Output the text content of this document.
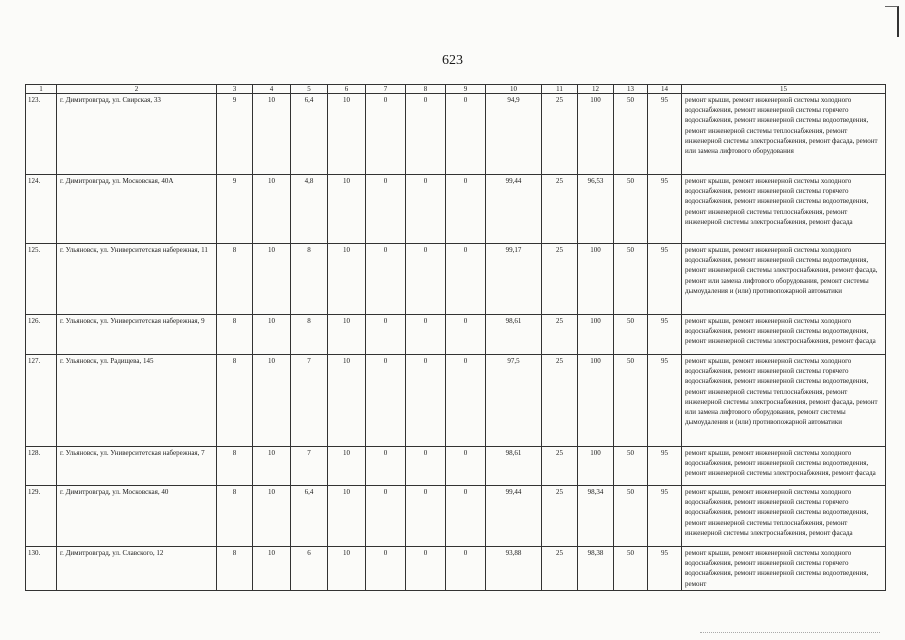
623
1	2	3	4	5	6	7	8	9	10	11	12	13	14	15
123.	г. Димитровград, ул. Свирская, 33	9	10	6,4	10	0	0	0	94,9	25	100	50	95	ремонт крыши, ремонт инженерной системы холодного водоснабжения, ремонт инженерной системы горячего водоснабжения, ремонт инженерной системы водоотведения, ремонт инженерной системы теплоснабжения, ремонт инженерной системы электроснабжения, ремонт фасада, ремонт или замена лифтового оборудования
124.	г. Димитровград, ул. Московская, 40А	9	10	4,8	10	0	0	0	99,44	25	96,53	50	95	ремонт крыши, ремонт инженерной системы холодного водоснабжения, ремонт инженерной системы горячего водоснабжения, ремонт инженерной системы водоотведения, ремонт инженерной системы теплоснабжения, ремонт инженерной системы электроснабжения, ремонт фасада
125.	г. Ульяновск, ул. Университетская набережная, 11	8	10	8	10	0	0	0	99,17	25	100	50	95	ремонт крыши, ремонт инженерной системы холодного водоснабжения, ремонт инженерной системы водоотведения, ремонт инженерной системы электроснабжения, ремонт фасада, ремонт или замена лифтового оборудования, ремонт системы дымоудаления и (или) противопожарной автоматики
126.	г. Ульяновск, ул. Университетская набережная, 9	8	10	8	10	0	0	0	98,61	25	100	50	95	ремонт крыши, ремонт инженерной системы холодного водоснабжения, ремонт инженерной системы водоотведения, ремонт инженерной системы электроснабжения, ремонт фасада
127.	г. Ульяновск, ул. Радищева, 145	8	10	7	10	0	0	0	97,5	25	100	50	95	ремонт крыши, ремонт инженерной системы холодного водоснабжения, ремонт инженерной системы горячего водоснабжения, ремонт инженерной системы водоотведения, ремонт инженерной системы теплоснабжения, ремонт инженерной системы электроснабжения, ремонт фасада, ремонт или замена лифтового оборудования, ремонт системы дымоудаления и (или) противопожарной автоматики
128.	г. Ульяновск, ул. Университетская набережная, 7	8	10	7	10	0	0	0	98,61	25	100	50	95	ремонт крыши, ремонт инженерной системы холодного водоснабжения, ремонт инженерной системы водоотведения, ремонт инженерной системы электроснабжения, ремонт фасада
129.	г. Димитровград, ул. Московская, 40	8	10	6,4	10	0	0	0	99,44	25	98,34	50	95	ремонт крыши, ремонт инженерной системы холодного водоснабжения, ремонт инженерной системы горячего водоснабжения, ремонт инженерной системы водоотведения, ремонт инженерной системы теплоснабжения, ремонт инженерной системы электроснабжения, ремонт фасада
130.	г. Димитровград, ул. Славского, 12	8	10	6	10	0	0	0	93,88	25	98,38	50	95	ремонт крыши, ремонт инженерной системы холодного водоснабжения, ремонт инженерной системы горячего водоснабжения, ремонт инженерной системы водоотведения, ремонт
